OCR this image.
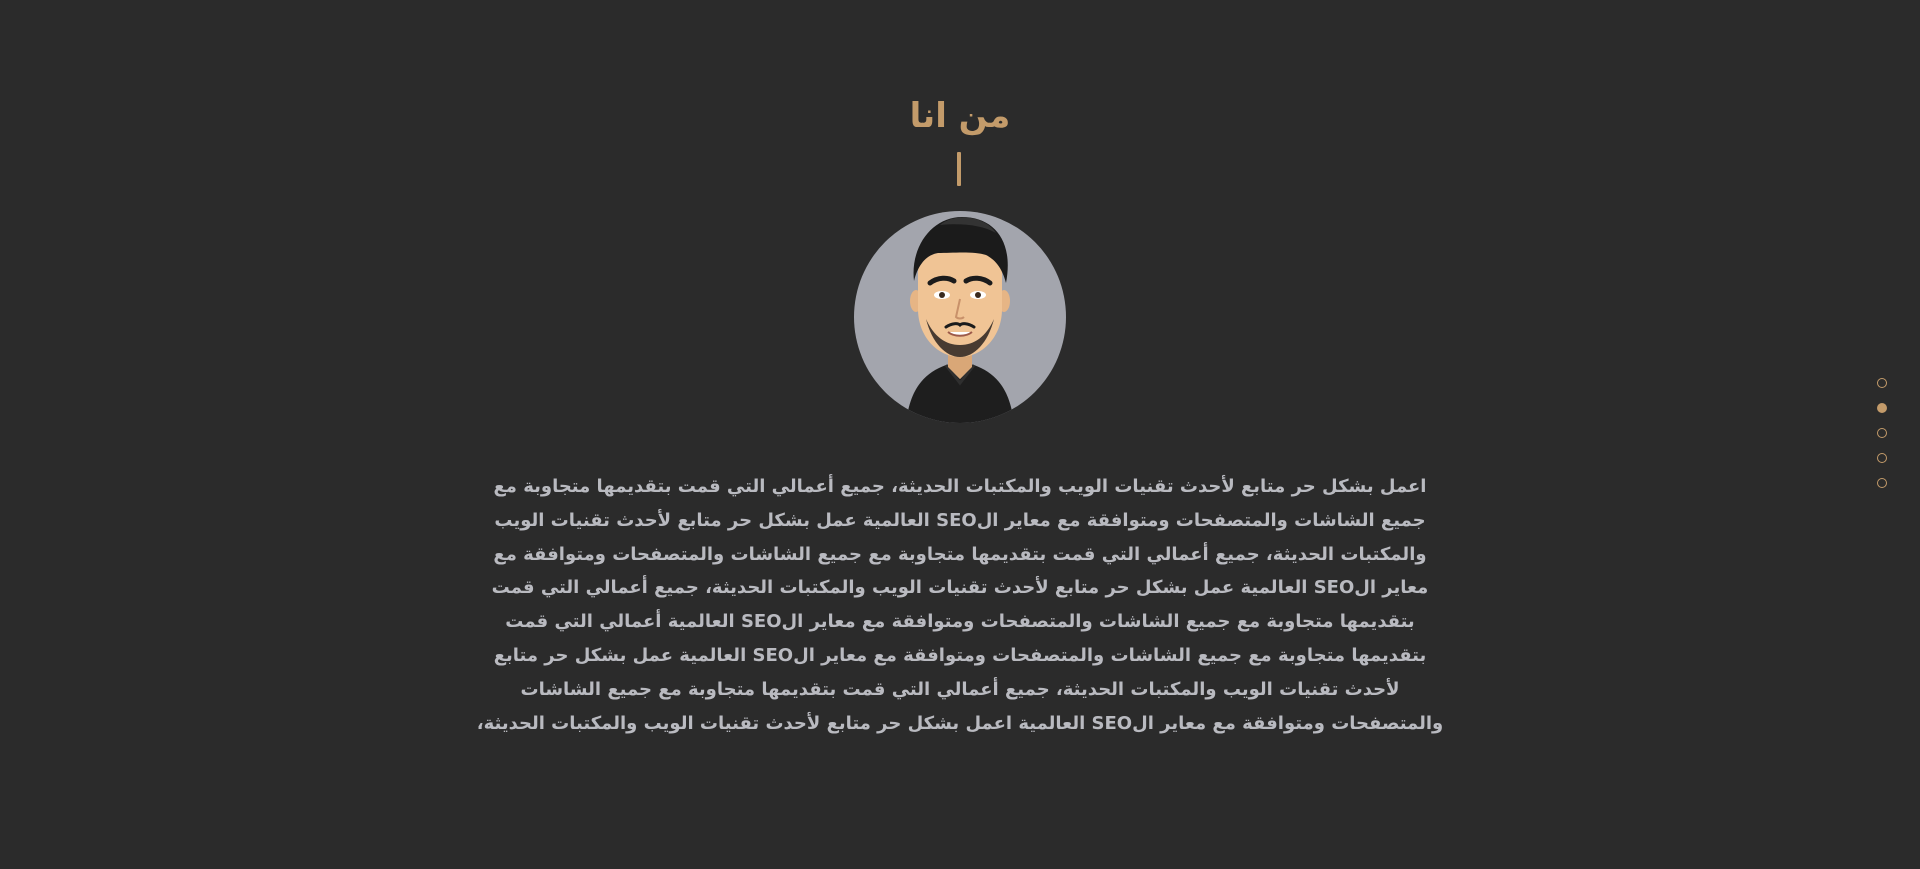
من انا

اعمل بشكل حر متابع لأحدث تقنيات الويب والمكتبات الحديثة، جميع أعمالي التي قمت بتقديمها متجاوبة مع جميع الشاشات والمتصفحات ومتوافقة مع معاير الSEO العالمية عمل بشكل حر متابع لأحدث تقنيات الويب والمكتبات الحديثة، جميع أعمالي التي قمت بتقديمها متجاوبة مع جميع الشاشات والمتصفحات ومتوافقة مع معاير الSEO العالمية عمل بشكل حر متابع لأحدث تقنيات الويب والمكتبات الحديثة، جميع أعمالي التي قمت بتقديمها متجاوبة مع جميع الشاشات والمتصفحات ومتوافقة مع معاير الSEO العالمية أعمالي التي قمت بتقديمها متجاوبة مع جميع الشاشات والمتصفحات ومتوافقة مع معاير الSEO العالمية عمل بشكل حر متابع لأحدث تقنيات الويب والمكتبات الحديثة، جميع أعمالي التي قمت بتقديمها متجاوبة مع جميع الشاشات والمتصفحات ومتوافقة مع معاير الSEO العالمية اعمل بشكل حر متابع لأحدث تقنيات الويب والمكتبات الحديثة،
